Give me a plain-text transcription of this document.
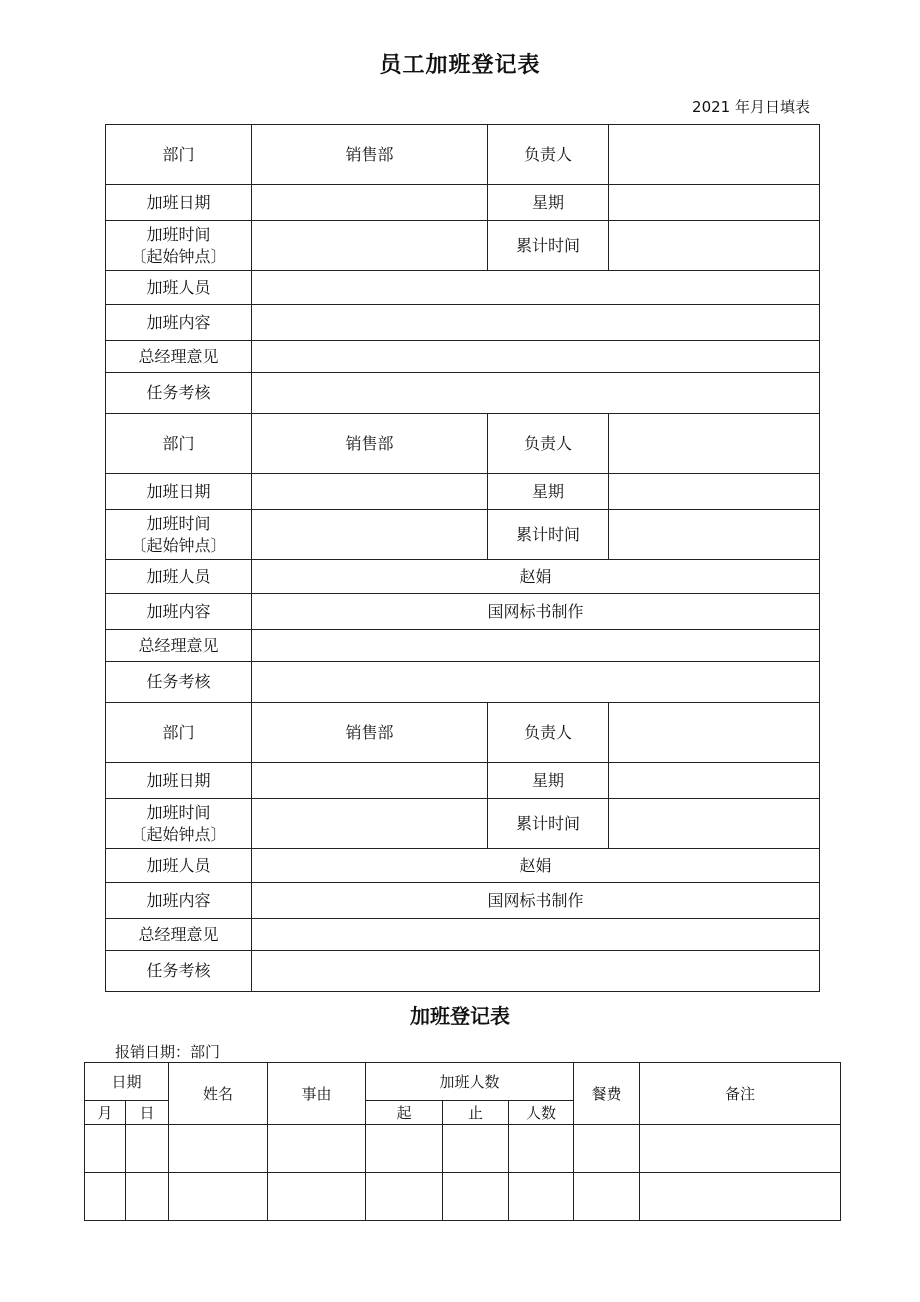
员工加班登记表
2021 年月日填表
部门	销售部	负责人	
加班日期		星期	

加班时间
〔起始钟点〕		累计时间	
加班人员			
加班内容			
总经理意见			
任务考核			
部门	销售部	负责人	
加班日期		星期	

加班时间
〔起始钟点〕		累计时间	
加班人员	赵娟		
加班内容	国网标书制作		
总经理意见			
任务考核			
部门	销售部	负责人	
加班日期		星期	

加班时间
〔起始钟点〕		累计时间	
加班人员	赵娟		
加班内容	国网标书制作		
总经理意见			
任务考核			
加班登记表
报销日期：部门
日期		姓名	事由	加班人数			餐费	备注
月	日			起	止	人数		
